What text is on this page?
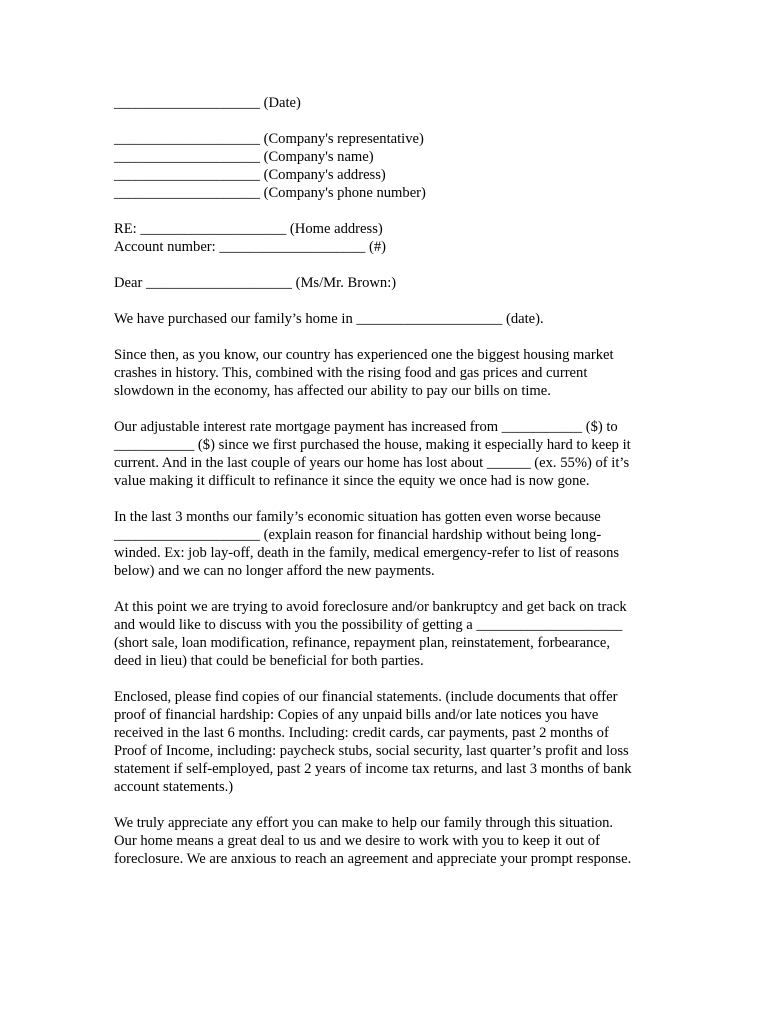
____________________ (Date)
____________________ (Company's representative)
____________________ (Company's name)
____________________ (Company's address)
____________________ (Company's phone number)
RE: ____________________ (Home address)
Account number: ____________________ (#)
Dear ____________________ (Ms/Mr. Brown:)
We have purchased our family’s home in ____________________ (date).
Since then, as you know, our country has experienced one the biggest housing market
crashes in history. This, combined with the rising food and gas prices and current
slowdown in the economy, has affected our ability to pay our bills on time.
Our adjustable interest rate mortgage payment has increased from ___________ ($) to
___________ ($) since we first purchased the house, making it especially hard to keep it
current. And in the last couple of years our home has lost about ______ (ex. 55%) of it’s
value making it difficult to refinance it since the equity we once had is now gone.
In the last 3 months our family’s economic situation has gotten even worse because
____________________ (explain reason for financial hardship without being long-
winded. Ex: job lay-off, death in the family, medical emergency-refer to list of reasons
below) and we can no longer afford the new payments.
At this point we are trying to avoid foreclosure and/or bankruptcy and get back on track
and would like to discuss with you the possibility of getting a ____________________
(short sale, loan modification, refinance, repayment plan, reinstatement, forbearance,
deed in lieu) that could be beneficial for both parties.
Enclosed, please find copies of our financial statements. (include documents that offer
proof of financial hardship: Copies of any unpaid bills and/or late notices you have
received in the last 6 months. Including: credit cards, car payments, past 2 months of
Proof of Income, including: paycheck stubs, social security, last quarter’s profit and loss
statement if self-employed, past 2 years of income tax returns, and last 3 months of bank
account statements.)
We truly appreciate any effort you can make to help our family through this situation.
Our home means a great deal to us and we desire to work with you to keep it out of
foreclosure. We are anxious to reach an agreement and appreciate your prompt response.
